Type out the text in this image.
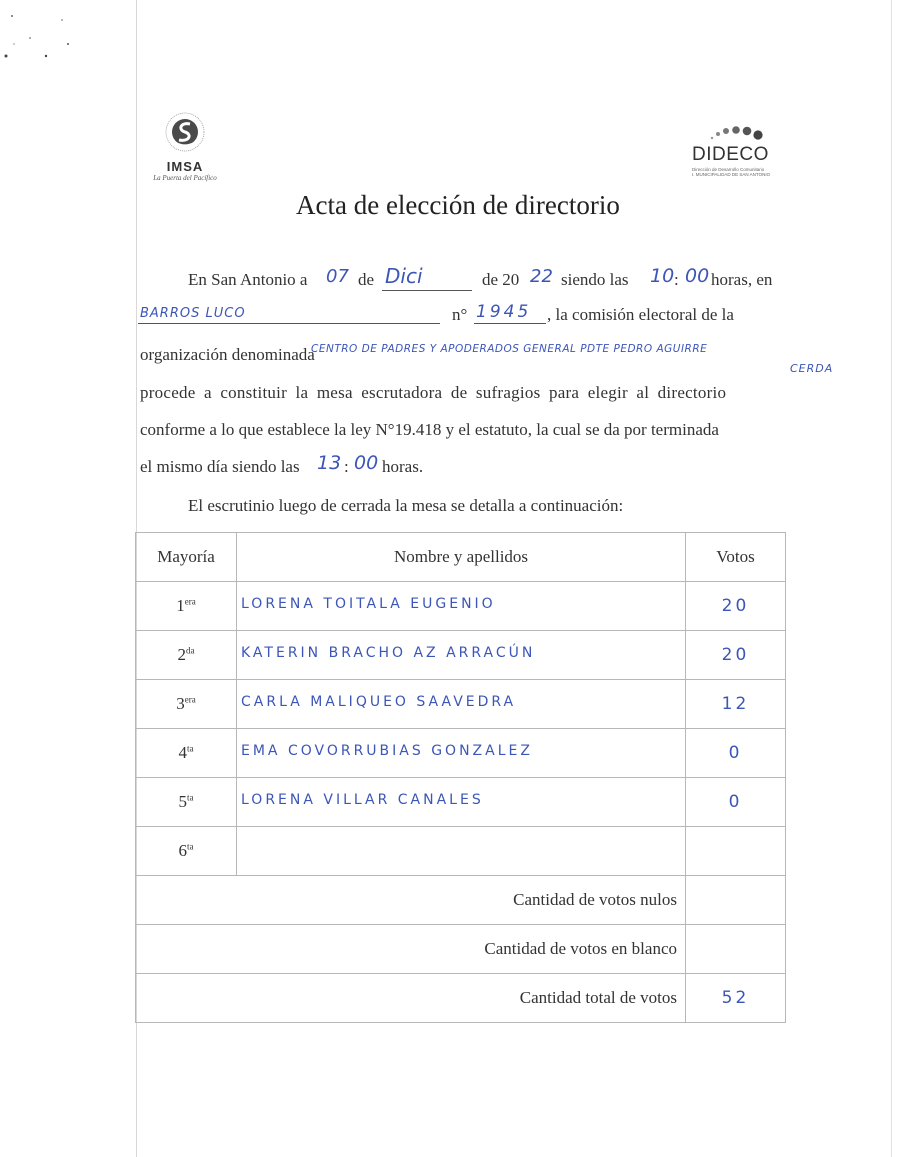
IMSA
La Puerta del Pacífico
DIDECO
Dirección de Desarrollo Comunitario
I. MUNICIPALIDAD DE SAN ANTONIO
Acta de elección de directorio
En San Antonio a 07 de Dici	de 20 22 siendo las 10 : 00 horas, en
BARROS LUCO	n° 1945 , la comisión electoral de la
organización denominada
CENTRO DE PADRES Y APODERADOS GENERAL PDTE PEDRO AGUIRRE
CERDA
procede a constituir la mesa escrutadora de sufragios para elegir al directorio
conforme a lo que establece la ley N°19.418 y el estatuto, la cual se da por terminada
el mismo día siendo las 13 : 00 horas.
El escrutinio luego de cerrada la mesa se detalla a continuación:
Mayoría	Nombre y apellidos	Votos
$1^{era}$	LORENA TOITALA EUGENIO	20
$2^{da}$	KATERIN BRACHO AZ ARRACÚN	20
$3^{era}$	CARLA MALIQUEO SAAVEDRA	12
$4^{ta}$	EMA COVORRUBIAS GONZALEZ	0
$5^{ta}$	LORENA VILLAR CANALES	0
$6^{ta}$	

Cantidad de votos nulos		
Cantidad de votos en blanco		
Cantidad total de votos		52
